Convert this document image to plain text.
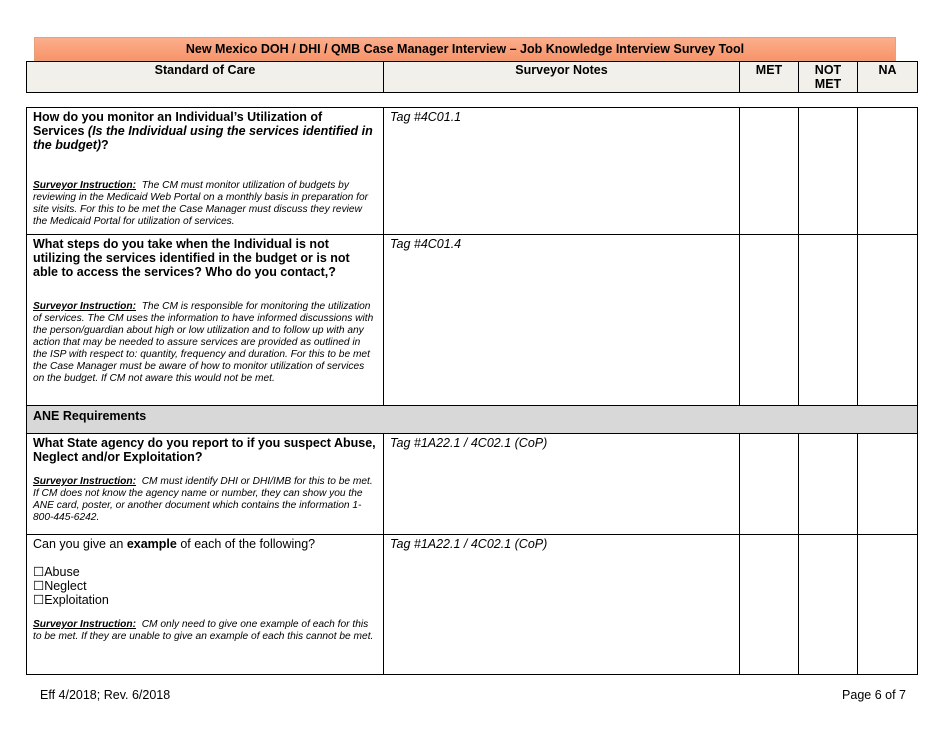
New Mexico DOH / DHI / QMB Case Manager Interview – Job Knowledge Interview Survey Tool
Standard of Care	Surveyor Notes	MET	NOT MET	NA
How do you monitor an Individual’s Utilization of Services (Is the Individual using the services identified in the budget)?
Surveyor Instruction: The CM must monitor utilization of budgets by reviewing in the Medicaid Web Portal on a monthly basis in preparation for site visits. For this to be met the Case Manager must discuss they review the Medicaid Portal for utilization of services.	Tag #4C01.1			

What steps do you take when the Individual is not utilizing the services identified in the budget or is not able to access the services? Who do you contact,?
Surveyor Instruction: The CM is responsible for monitoring the utilization of services. The CM uses the information to have informed discussions with the person/guardian about high or low utilization and to follow up with any action that may be needed to assure services are provided as outlined in the ISP with respect to: quantity, frequency and duration. For this to be met the Case Manager must be aware of how to monitor utilization of services on the budget. If CM not aware this would not be met.	Tag #4C01.4			
ANE Requirements				

What State agency do you report to if you suspect Abuse, Neglect and/or Exploitation?
Surveyor Instruction: CM must identify DHI or DHI/IMB for this to be met. If CM does not know the agency name or number, they can show you the ANE card, poster, or another document which contains the information 1-800-445-6242.	Tag #1A22.1 / 4C02.1 (CoP)			

Can you give an example of each of the following?
☐Abuse
☐Neglect
☐Exploitation
Surveyor Instruction: CM only need to give one example of each for this to be met. If they are unable to give an example of each this cannot be met.	Tag #1A22.1 / 4C02.1 (CoP)			
Eff 4/2018; Rev. 6/2018	Page 6 of 7
